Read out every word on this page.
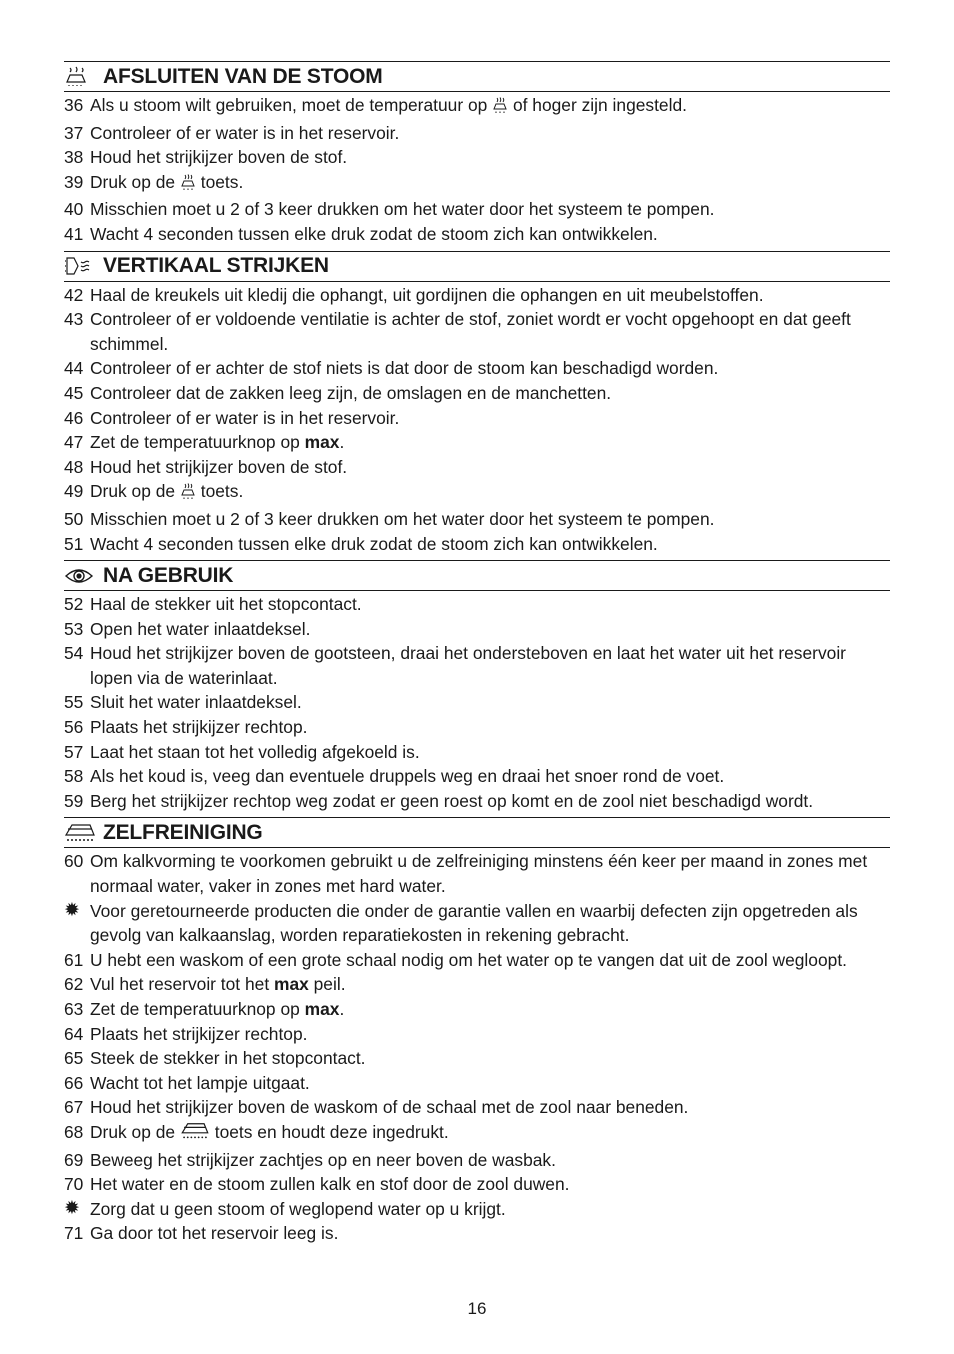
AFSLUITEN VAN DE STOOM
36 Als u stoom wilt gebruiken, moet de temperatuur op  of hoger zijn ingesteld.
37 Controleer of er water is in het reservoir.
38 Houd het strijkijzer boven de stof.
39 Druk op de  toets.
40 Misschien moet u 2 of 3 keer drukken om het water door het systeem te pompen.
41 Wacht 4 seconden tussen elke druk zodat de stoom zich kan ontwikkelen.
VERTIKAAL STRIJKEN
42 Haal de kreukels uit kledij die ophangt, uit gordijnen die ophangen en uit meubelstoffen.
43 Controleer of er voldoende ventilatie is achter de stof, zoniet wordt er vocht opgehoopt en dat geeft schimmel.
44 Controleer of er achter de stof niets is dat door de stoom kan beschadigd worden.
45 Controleer dat de zakken leeg zijn, de omslagen en de manchetten.
46 Controleer of er water is in het reservoir.
47 Zet de temperatuurknop op max.
48 Houd het strijkijzer boven de stof.
49 Druk op de  toets.
50 Misschien moet u 2 of 3 keer drukken om het water door het systeem te pompen.
51 Wacht 4 seconden tussen elke druk zodat de stoom zich kan ontwikkelen.
NA GEBRUIK
52 Haal de stekker uit het stopcontact.
53 Open het water inlaatdeksel.
54 Houd het strijkijzer boven de gootsteen, draai het ondersteboven en laat het water uit het reservoir lopen via de waterinlaat.
55 Sluit het water inlaatdeksel.
56 Plaats het strijkijzer rechtop.
57 Laat het staan tot het volledig afgekoeld is.
58 Als het koud is, veeg dan eventuele druppels weg en draai het snoer rond de voet.
59 Berg het strijkijzer rechtop weg zodat er geen roest op komt en de zool niet beschadigd wordt.
ZELFREINIGING
60 Om kalkvorming te voorkomen gebruikt u de zelfreiniging minstens één keer per maand in zones met normaal water, vaker in zones met hard water.
✹ Voor geretourneerde producten die onder de garantie vallen en waarbij defecten zijn opgetreden als gevolg van kalkaanslag, worden reparatiekosten in rekening gebracht.
61 U hebt een waskom of een grote schaal nodig om het water op te vangen dat uit de zool wegloopt.
62 Vul het reservoir tot het max peil.
63 Zet de temperatuurknop op max.
64 Plaats het strijkijzer rechtop.
65 Steek de stekker in het stopcontact.
66 Wacht tot het lampje uitgaat.
67 Houd het strijkijzer boven de waskom of de schaal met de zool naar beneden.
68 Druk op de  toets en houdt deze ingedrukt.
69 Beweeg het strijkijzer zachtjes op en neer boven de wasbak.
70 Het water en de stoom zullen kalk en stof door de zool duwen.
✹ Zorg dat u geen stoom of weglopend water op u krijgt.
71 Ga door tot het reservoir leeg is.
16
